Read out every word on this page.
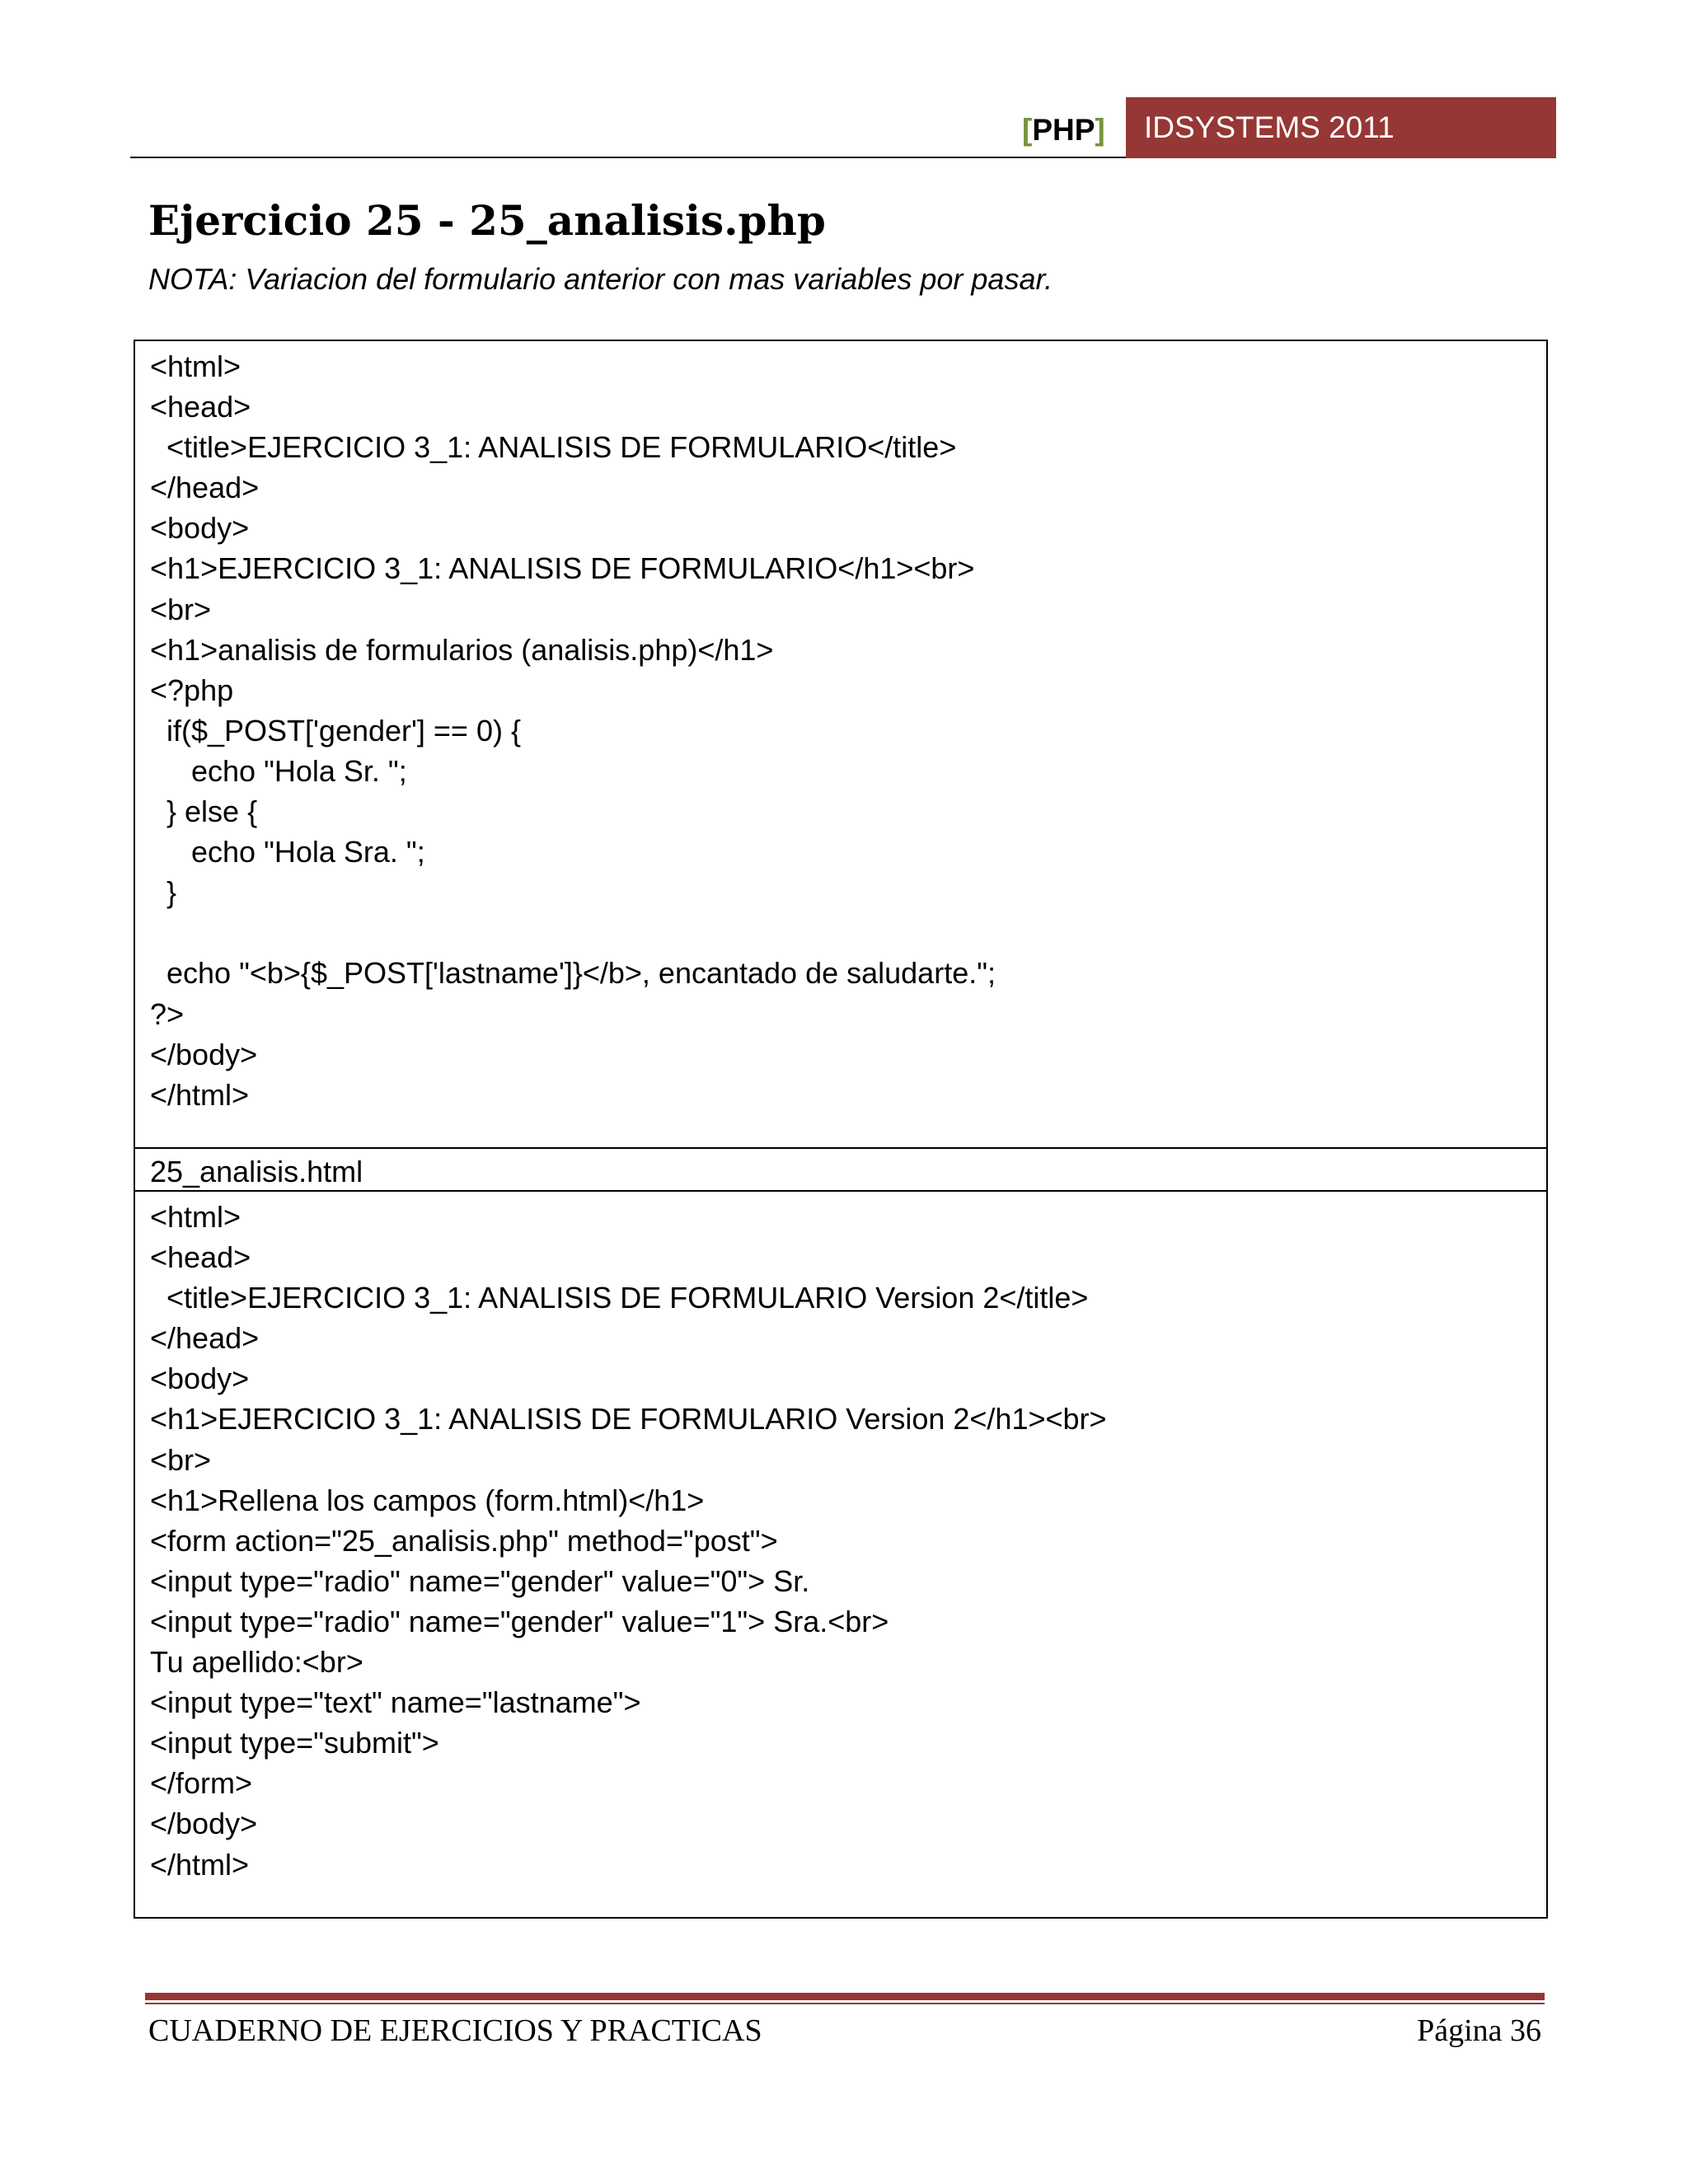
[PHP] IDSYSTEMS 2011
Ejercicio 25 - 25_analisis.php
NOTA: Variacion del formulario anterior con mas variables por pasar.
<html>
<head>
<title>EJERCICIO 3_1: ANALISIS DE FORMULARIO</title>
</head>
<body>
<h1>EJERCICIO 3_1: ANALISIS DE FORMULARIO</h1><br>
<br>
<h1>analisis de formularios (analisis.php)</h1>
<?php
if($_POST['gender'] == 0) {
echo "Hola Sr. ";
} else {
echo "Hola Sra. ";
}
echo "<b>{$_POST['lastname']}</b>, encantado de saludarte.";
?>
</body>
</html>
25_analisis.html
<html>
<head>
<title>EJERCICIO 3_1: ANALISIS DE FORMULARIO Version 2</title>
</head>
<body>
<h1>EJERCICIO 3_1: ANALISIS DE FORMULARIO Version 2</h1><br>
<br>
<h1>Rellena los campos (form.html)</h1>
<form action="25_analisis.php" method="post">
<input type="radio" name="gender" value="0"> Sr.
<input type="radio" name="gender" value="1"> Sra.<br>
Tu apellido:<br>
<input type="text" name="lastname">
<input type="submit">
</form>
</body>
</html>
CUADERNO DE EJERCICIOS Y PRACTICAS	Página 36
